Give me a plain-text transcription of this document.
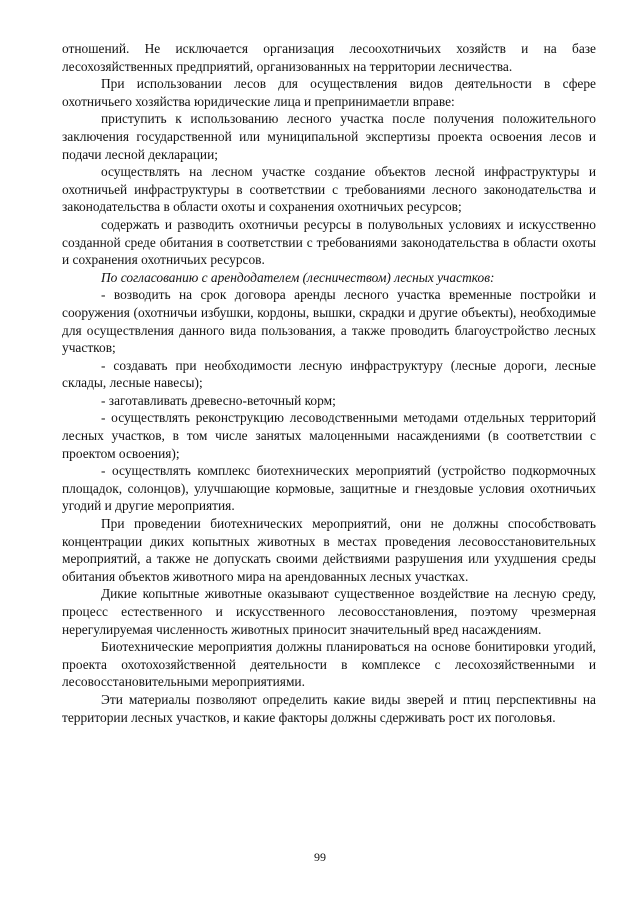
отношений. Не исключается организация лесоохотничьих хозяйств и на базе лесохозяйственных предприятий, организованных на территории лесничества.

При использовании лесов для осуществления видов деятельности в сфере охотничьего хозяйства юридические лица и препринимаетли вправе:

приступить к использованию лесного участка после получения положительного заключения государственной или муниципальной экспертизы проекта освоения лесов и подачи лесной декларации;

осуществлять на лесном участке создание объектов лесной инфраструктуры и охотничьей инфраструктуры в соответствии с требованиями лесного законодательства и законодательства в области охоты и сохранения охотничьих ресурсов;

содержать и разводить охотничьи ресурсы в полувольных условиях и искусственно созданной среде обитания в соответствии с требованиями законодательства в области охоты и сохранения охотничьих ресурсов.

По согласованию с арендодателем (лесничеством) лесных участков:

- возводить на срок договора аренды лесного участка временные постройки и сооружения (охотничьи избушки, кордоны, вышки, скрадки и другие объекты), необходимые для осуществления данного вида пользования, а также проводить благоустройство лесных участков;

- создавать при необходимости лесную инфраструктуру (лесные дороги, лесные склады, лесные навесы);

- заготавливать древесно-веточный корм;

- осуществлять реконструкцию лесоводственными методами отдельных территорий лесных участков, в том числе занятых малоценными насаждениями (в соответствии с проектом освоения);

- осуществлять комплекс биотехнических мероприятий (устройство подкормочных площадок, солонцов), улучшающие кормовые, защитные и гнездовые условия охотничьих угодий и другие мероприятия.

При проведении биотехнических мероприятий, они не должны способствовать концентрации диких копытных животных в местах проведения лесовосстановительных мероприятий, а также не допускать своими действиями разрушения или ухудшения среды обитания объектов животного мира на арендованных лесных участках.

Дикие копытные животные оказывают существенное воздействие на лесную среду, процесс естественного и искусственного лесовосстановления, поэтому чрезмерная нерегулируемая численность животных приносит значительный вред насаждениям.

Биотехнические мероприятия должны планироваться на основе бонитировки угодий, проекта охотохозяйственной деятельности в комплексе с лесохозяйственными и лесовосстановительными мероприятиями.

Эти материалы позволяют определить какие виды зверей и птиц перспективны на территории лесных участков, и какие факторы должны сдерживать рост их поголовья.

99
